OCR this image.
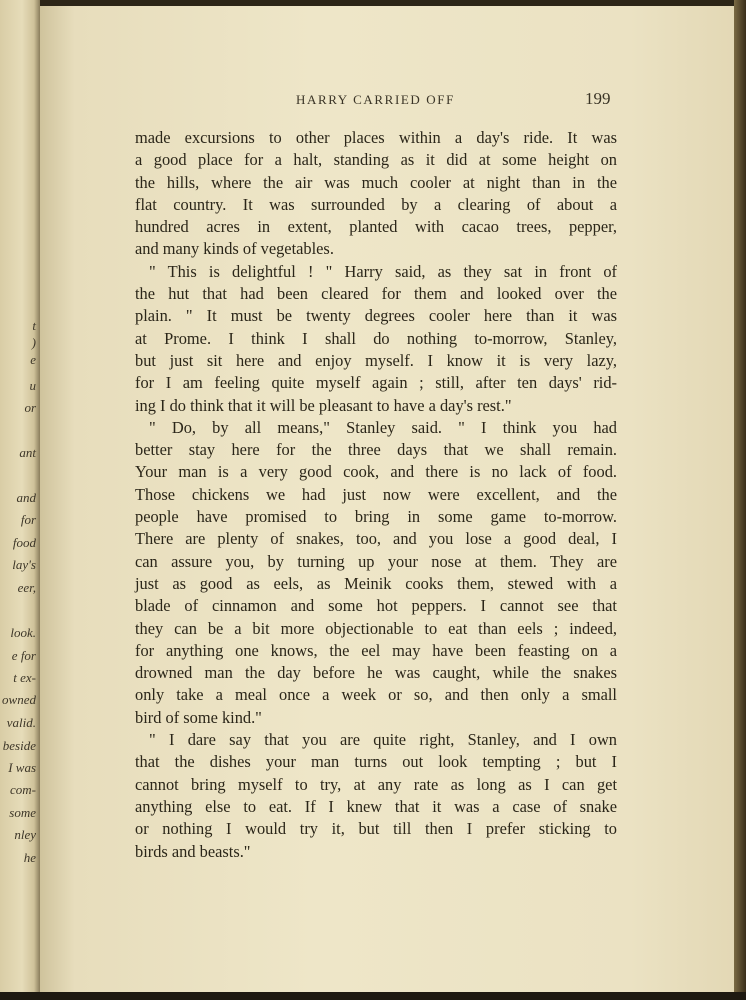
t
)
e
u
or
ant
and
for
food
lay's
eer,
look.
e for
t ex-
owned
valid.
beside
I was
com-
some
nley
he
HARRY CARRIED OFF	199
made excursions to other places within a day's ride. It was
a good place for a halt, standing as it did at some height on
the hills, where the air was much cooler at night than in the
flat country. It was surrounded by a clearing of about a
hundred acres in extent, planted with cacao trees, pepper,
and many kinds of vegetables.
" This is delightful ! " Harry said, as they sat in front of
the hut that had been cleared for them and looked over the
plain. " It must be twenty degrees cooler here than it was
at Prome. I think I shall do nothing to-morrow, Stanley,
but just sit here and enjoy myself. I know it is very lazy,
for I am feeling quite myself again ; still, after ten days' rid-
ing I do think that it will be pleasant to have a day's rest."
" Do, by all means," Stanley said. " I think you had
better stay here for the three days that we shall remain.
Your man is a very good cook, and there is no lack of food.
Those chickens we had just now were excellent, and the
people have promised to bring in some game to-morrow.
There are plenty of snakes, too, and you lose a good deal, I
can assure you, by turning up your nose at them. They are
just as good as eels, as Meinik cooks them, stewed with a
blade of cinnamon and some hot peppers. I cannot see that
they can be a bit more objectionable to eat than eels ; indeed,
for anything one knows, the eel may have been feasting on a
drowned man the day before he was caught, while the snakes
only take a meal once a week or so, and then only a small
bird of some kind."
" I dare say that you are quite right, Stanley, and I own
that the dishes your man turns out look tempting ; but I
cannot bring myself to try, at any rate as long as I can get
anything else to eat. If I knew that it was a case of snake
or nothing I would try it, but till then I prefer sticking to
birds and beasts."
